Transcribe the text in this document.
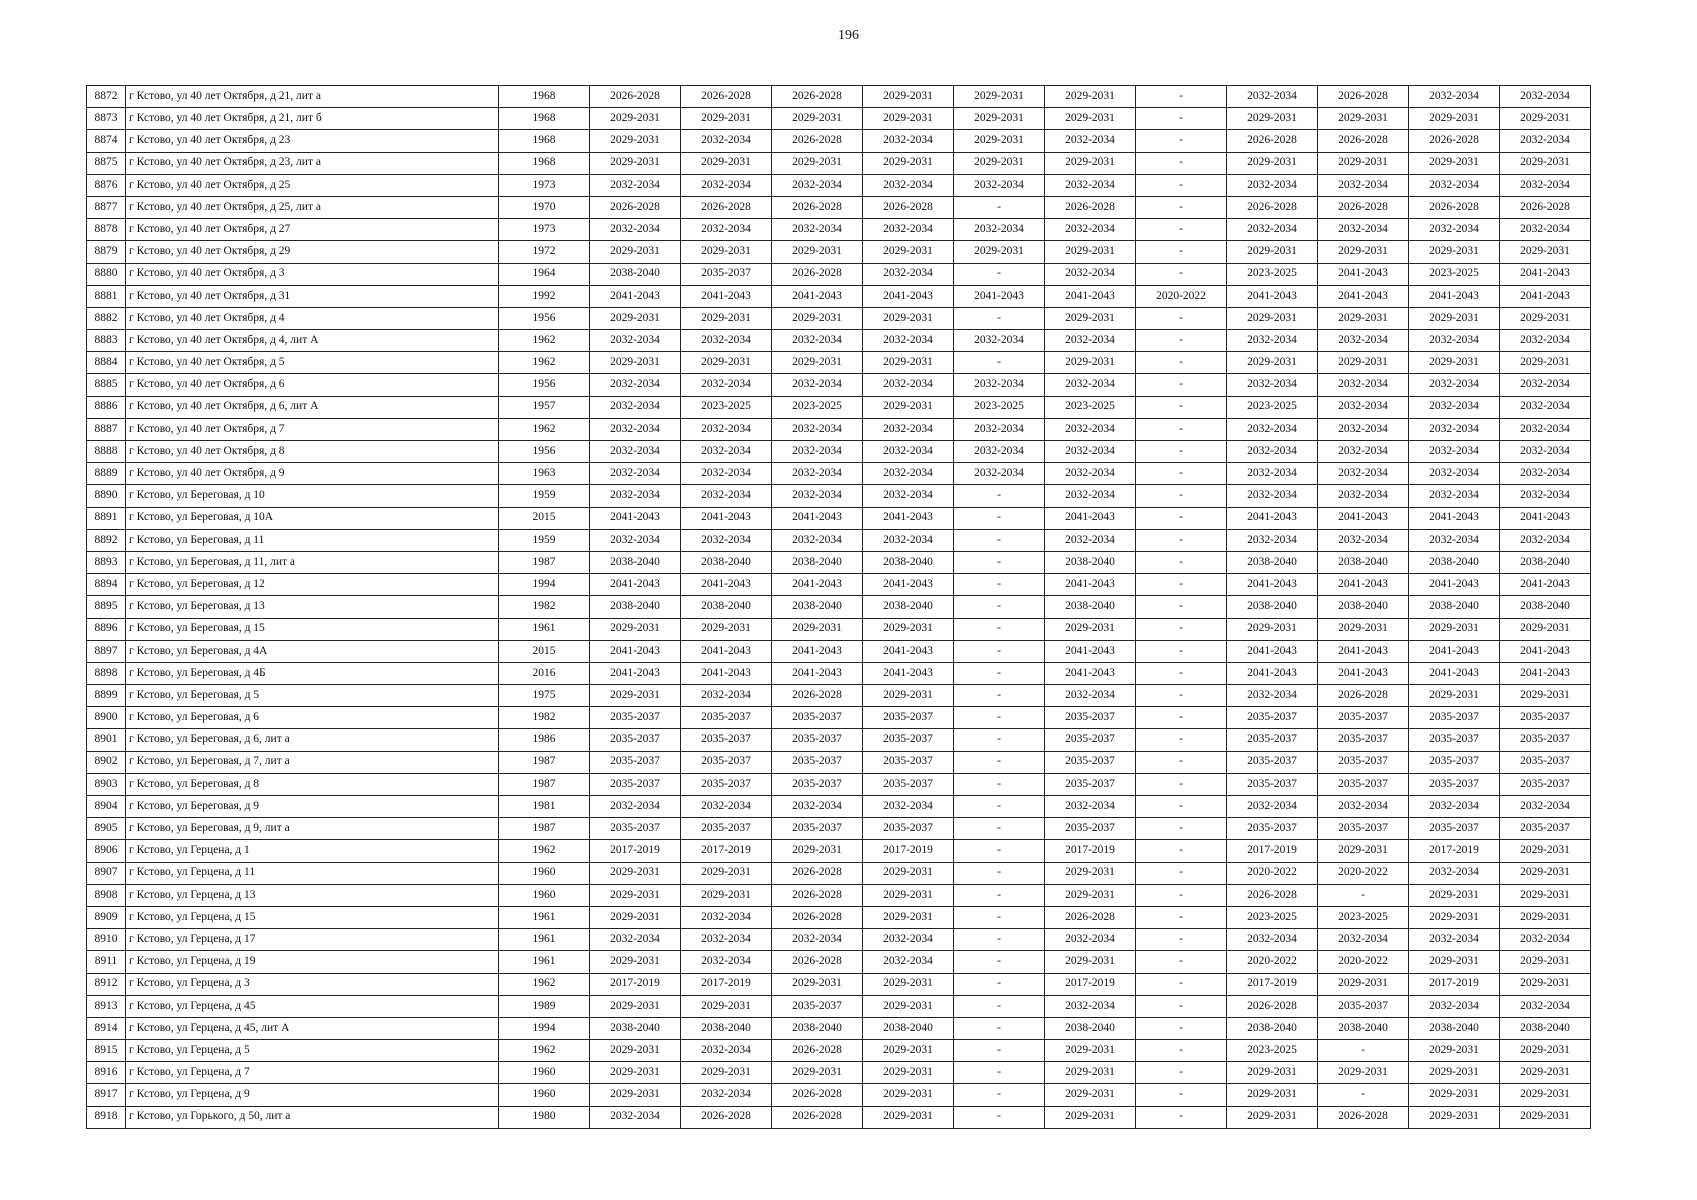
196
8872	г Кстово, ул 40 лет Октября, д 21, лит а	1968	2026-2028	2026-2028	2026-2028	2029-2031	2029-2031	2029-2031	-	2032-2034	2026-2028	2032-2034	2032-2034
8873	г Кстово, ул 40 лет Октября, д 21, лит б	1968	2029-2031	2029-2031	2029-2031	2029-2031	2029-2031	2029-2031	-	2029-2031	2029-2031	2029-2031	2029-2031
8874	г Кстово, ул 40 лет Октября, д 23	1968	2029-2031	2032-2034	2026-2028	2032-2034	2029-2031	2032-2034	-	2026-2028	2026-2028	2026-2028	2032-2034
8875	г Кстово, ул 40 лет Октября, д 23, лит а	1968	2029-2031	2029-2031	2029-2031	2029-2031	2029-2031	2029-2031	-	2029-2031	2029-2031	2029-2031	2029-2031
8876	г Кстово, ул 40 лет Октября, д 25	1973	2032-2034	2032-2034	2032-2034	2032-2034	2032-2034	2032-2034	-	2032-2034	2032-2034	2032-2034	2032-2034
8877	г Кстово, ул 40 лет Октября, д 25, лит а	1970	2026-2028	2026-2028	2026-2028	2026-2028	-	2026-2028	-	2026-2028	2026-2028	2026-2028	2026-2028
8878	г Кстово, ул 40 лет Октября, д 27	1973	2032-2034	2032-2034	2032-2034	2032-2034	2032-2034	2032-2034	-	2032-2034	2032-2034	2032-2034	2032-2034
8879	г Кстово, ул 40 лет Октября, д 29	1972	2029-2031	2029-2031	2029-2031	2029-2031	2029-2031	2029-2031	-	2029-2031	2029-2031	2029-2031	2029-2031
8880	г Кстово, ул 40 лет Октября, д 3	1964	2038-2040	2035-2037	2026-2028	2032-2034	-	2032-2034	-	2023-2025	2041-2043	2023-2025	2041-2043
8881	г Кстово, ул 40 лет Октября, д 31	1992	2041-2043	2041-2043	2041-2043	2041-2043	2041-2043	2041-2043	2020-2022	2041-2043	2041-2043	2041-2043	2041-2043
8882	г Кстово, ул 40 лет Октября, д 4	1956	2029-2031	2029-2031	2029-2031	2029-2031	-	2029-2031	-	2029-2031	2029-2031	2029-2031	2029-2031
8883	г Кстово, ул 40 лет Октября, д 4, лит А	1962	2032-2034	2032-2034	2032-2034	2032-2034	2032-2034	2032-2034	-	2032-2034	2032-2034	2032-2034	2032-2034
8884	г Кстово, ул 40 лет Октября, д 5	1962	2029-2031	2029-2031	2029-2031	2029-2031	-	2029-2031	-	2029-2031	2029-2031	2029-2031	2029-2031
8885	г Кстово, ул 40 лет Октября, д 6	1956	2032-2034	2032-2034	2032-2034	2032-2034	2032-2034	2032-2034	-	2032-2034	2032-2034	2032-2034	2032-2034
8886	г Кстово, ул 40 лет Октября, д 6, лит А	1957	2032-2034	2023-2025	2023-2025	2029-2031	2023-2025	2023-2025	-	2023-2025	2032-2034	2032-2034	2032-2034
8887	г Кстово, ул 40 лет Октября, д 7	1962	2032-2034	2032-2034	2032-2034	2032-2034	2032-2034	2032-2034	-	2032-2034	2032-2034	2032-2034	2032-2034
8888	г Кстово, ул 40 лет Октября, д 8	1956	2032-2034	2032-2034	2032-2034	2032-2034	2032-2034	2032-2034	-	2032-2034	2032-2034	2032-2034	2032-2034
8889	г Кстово, ул 40 лет Октября, д 9	1963	2032-2034	2032-2034	2032-2034	2032-2034	2032-2034	2032-2034	-	2032-2034	2032-2034	2032-2034	2032-2034
8890	г Кстово, ул Береговая, д 10	1959	2032-2034	2032-2034	2032-2034	2032-2034	-	2032-2034	-	2032-2034	2032-2034	2032-2034	2032-2034
8891	г Кстово, ул Береговая, д 10А	2015	2041-2043	2041-2043	2041-2043	2041-2043	-	2041-2043	-	2041-2043	2041-2043	2041-2043	2041-2043
8892	г Кстово, ул Береговая, д 11	1959	2032-2034	2032-2034	2032-2034	2032-2034	-	2032-2034	-	2032-2034	2032-2034	2032-2034	2032-2034
8893	г Кстово, ул Береговая, д 11, лит а	1987	2038-2040	2038-2040	2038-2040	2038-2040	-	2038-2040	-	2038-2040	2038-2040	2038-2040	2038-2040
8894	г Кстово, ул Береговая, д 12	1994	2041-2043	2041-2043	2041-2043	2041-2043	-	2041-2043	-	2041-2043	2041-2043	2041-2043	2041-2043
8895	г Кстово, ул Береговая, д 13	1982	2038-2040	2038-2040	2038-2040	2038-2040	-	2038-2040	-	2038-2040	2038-2040	2038-2040	2038-2040
8896	г Кстово, ул Береговая, д 15	1961	2029-2031	2029-2031	2029-2031	2029-2031	-	2029-2031	-	2029-2031	2029-2031	2029-2031	2029-2031
8897	г Кстово, ул Береговая, д 4А	2015	2041-2043	2041-2043	2041-2043	2041-2043	-	2041-2043	-	2041-2043	2041-2043	2041-2043	2041-2043
8898	г Кстово, ул Береговая, д 4Б	2016	2041-2043	2041-2043	2041-2043	2041-2043	-	2041-2043	-	2041-2043	2041-2043	2041-2043	2041-2043
8899	г Кстово, ул Береговая, д 5	1975	2029-2031	2032-2034	2026-2028	2029-2031	-	2032-2034	-	2032-2034	2026-2028	2029-2031	2029-2031
8900	г Кстово, ул Береговая, д 6	1982	2035-2037	2035-2037	2035-2037	2035-2037	-	2035-2037	-	2035-2037	2035-2037	2035-2037	2035-2037
8901	г Кстово, ул Береговая, д 6, лит а	1986	2035-2037	2035-2037	2035-2037	2035-2037	-	2035-2037	-	2035-2037	2035-2037	2035-2037	2035-2037
8902	г Кстово, ул Береговая, д 7, лит а	1987	2035-2037	2035-2037	2035-2037	2035-2037	-	2035-2037	-	2035-2037	2035-2037	2035-2037	2035-2037
8903	г Кстово, ул Береговая, д 8	1987	2035-2037	2035-2037	2035-2037	2035-2037	-	2035-2037	-	2035-2037	2035-2037	2035-2037	2035-2037
8904	г Кстово, ул Береговая, д 9	1981	2032-2034	2032-2034	2032-2034	2032-2034	-	2032-2034	-	2032-2034	2032-2034	2032-2034	2032-2034
8905	г Кстово, ул Береговая, д 9, лит а	1987	2035-2037	2035-2037	2035-2037	2035-2037	-	2035-2037	-	2035-2037	2035-2037	2035-2037	2035-2037
8906	г Кстово, ул Герцена, д 1	1962	2017-2019	2017-2019	2029-2031	2017-2019	-	2017-2019	-	2017-2019	2029-2031	2017-2019	2029-2031
8907	г Кстово, ул Герцена, д 11	1960	2029-2031	2029-2031	2026-2028	2029-2031	-	2029-2031	-	2020-2022	2020-2022	2032-2034	2029-2031
8908	г Кстово, ул Герцена, д 13	1960	2029-2031	2029-2031	2026-2028	2029-2031	-	2029-2031	-	2026-2028	-	2029-2031	2029-2031
8909	г Кстово, ул Герцена, д 15	1961	2029-2031	2032-2034	2026-2028	2029-2031	-	2026-2028	-	2023-2025	2023-2025	2029-2031	2029-2031
8910	г Кстово, ул Герцена, д 17	1961	2032-2034	2032-2034	2032-2034	2032-2034	-	2032-2034	-	2032-2034	2032-2034	2032-2034	2032-2034
8911	г Кстово, ул Герцена, д 19	1961	2029-2031	2032-2034	2026-2028	2032-2034	-	2029-2031	-	2020-2022	2020-2022	2029-2031	2029-2031
8912	г Кстово, ул Герцена, д 3	1962	2017-2019	2017-2019	2029-2031	2029-2031	-	2017-2019	-	2017-2019	2029-2031	2017-2019	2029-2031
8913	г Кстово, ул Герцена, д 45	1989	2029-2031	2029-2031	2035-2037	2029-2031	-	2032-2034	-	2026-2028	2035-2037	2032-2034	2032-2034
8914	г Кстово, ул Герцена, д 45, лит А	1994	2038-2040	2038-2040	2038-2040	2038-2040	-	2038-2040	-	2038-2040	2038-2040	2038-2040	2038-2040
8915	г Кстово, ул Герцена, д 5	1962	2029-2031	2032-2034	2026-2028	2029-2031	-	2029-2031	-	2023-2025	-	2029-2031	2029-2031
8916	г Кстово, ул Герцена, д 7	1960	2029-2031	2029-2031	2029-2031	2029-2031	-	2029-2031	-	2029-2031	2029-2031	2029-2031	2029-2031
8917	г Кстово, ул Герцена, д 9	1960	2029-2031	2032-2034	2026-2028	2029-2031	-	2029-2031	-	2029-2031	-	2029-2031	2029-2031
8918	г Кстово, ул Горького, д 50, лит а	1980	2032-2034	2026-2028	2026-2028	2029-2031	-	2029-2031	-	2029-2031	2026-2028	2029-2031	2029-2031
